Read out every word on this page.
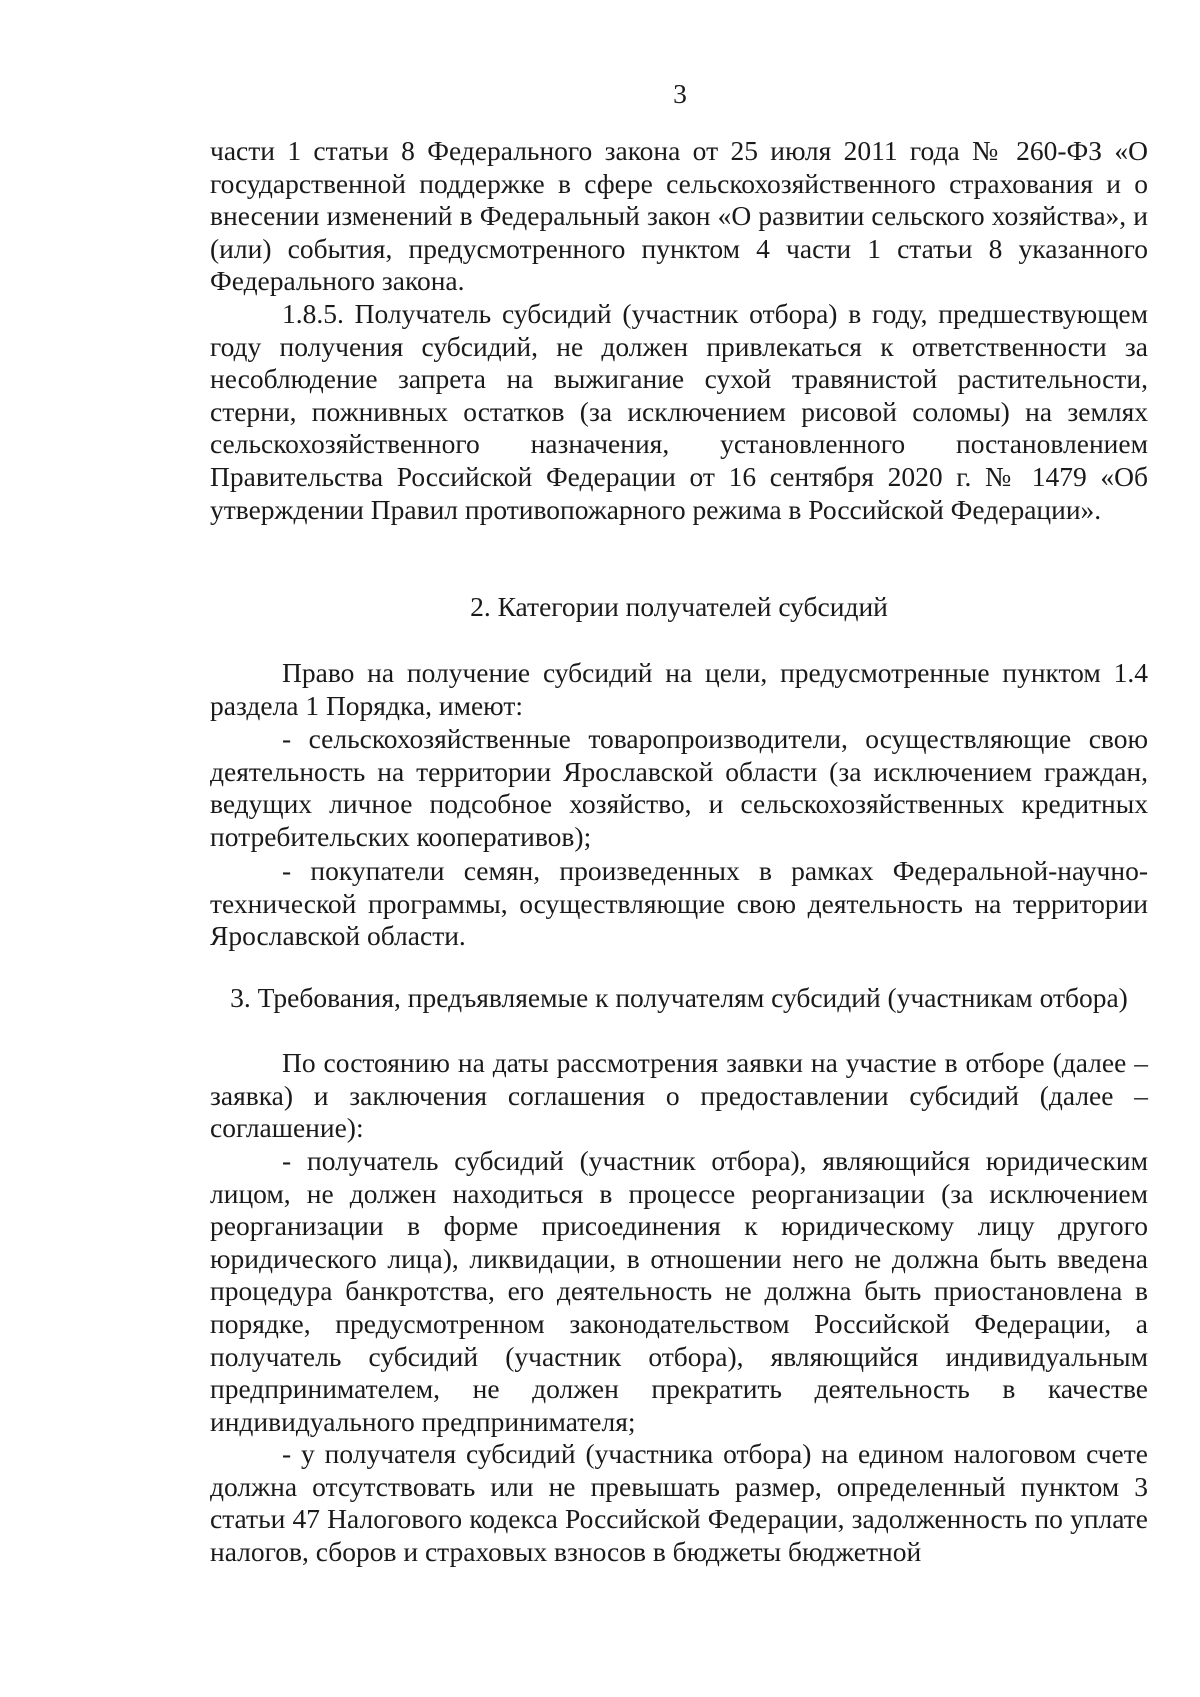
3

части 1 статьи 8 Федерального закона от 25 июля 2011 года № 260-ФЗ «О государственной поддержке в сфере сельскохозяйственного страхования и о внесении изменений в Федеральный закон «О развитии сельского хозяйства», и (или) события, предусмотренного пунктом 4 части 1 статьи 8 указанного Федерального закона.

1.8.5. Получатель субсидий (участник отбора) в году, предшествующем году получения субсидий, не должен привлекаться к ответственности за несоблюдение запрета на выжигание сухой травянистой растительности, стерни, пожнивных остатков (за исключением рисовой соломы) на землях сельскохозяйственного назначения, установленного постановлением Правительства Российской Федерации от 16 сентября 2020 г. № 1479 «Об утверждении Правил противопожарного режима в Российской Федерации».

2. Категории получателей субсидий

Право на получение субсидий на цели, предусмотренные пунктом 1.4 раздела 1 Порядка, имеют:

- сельскохозяйственные товаропроизводители, осуществляющие свою деятельность на территории Ярославской области (за исключением граждан, ведущих личное подсобное хозяйство, и сельскохозяйственных кредитных потребительских кооперативов);

- покупатели семян, произведенных в рамках Федеральной-научно-технической программы, осуществляющие свою деятельность на территории Ярославской области.

3. Требования, предъявляемые к получателям субсидий (участникам отбора)

По состоянию на даты рассмотрения заявки на участие в отборе (далее – заявка) и заключения соглашения о предоставлении субсидий (далее – соглашение):

- получатель субсидий (участник отбора), являющийся юридическим лицом, не должен находиться в процессе реорганизации (за исключением реорганизации в форме присоединения к юридическому лицу другого юридического лица), ликвидации, в отношении него не должна быть введена процедура банкротства, его деятельность не должна быть приостановлена в порядке, предусмотренном законодательством Российской Федерации, а получатель субсидий (участник отбора), являющийся индивидуальным предпринимателем, не должен прекратить деятельность в качестве индивидуального предпринимателя;

- у получателя субсидий (участника отбора) на едином налоговом счете должна отсутствовать или не превышать размер, определенный пунктом 3 статьи 47 Налогового кодекса Российской Федерации, задолженность по уплате налогов, сборов и страховых взносов в бюджеты бюджетной
